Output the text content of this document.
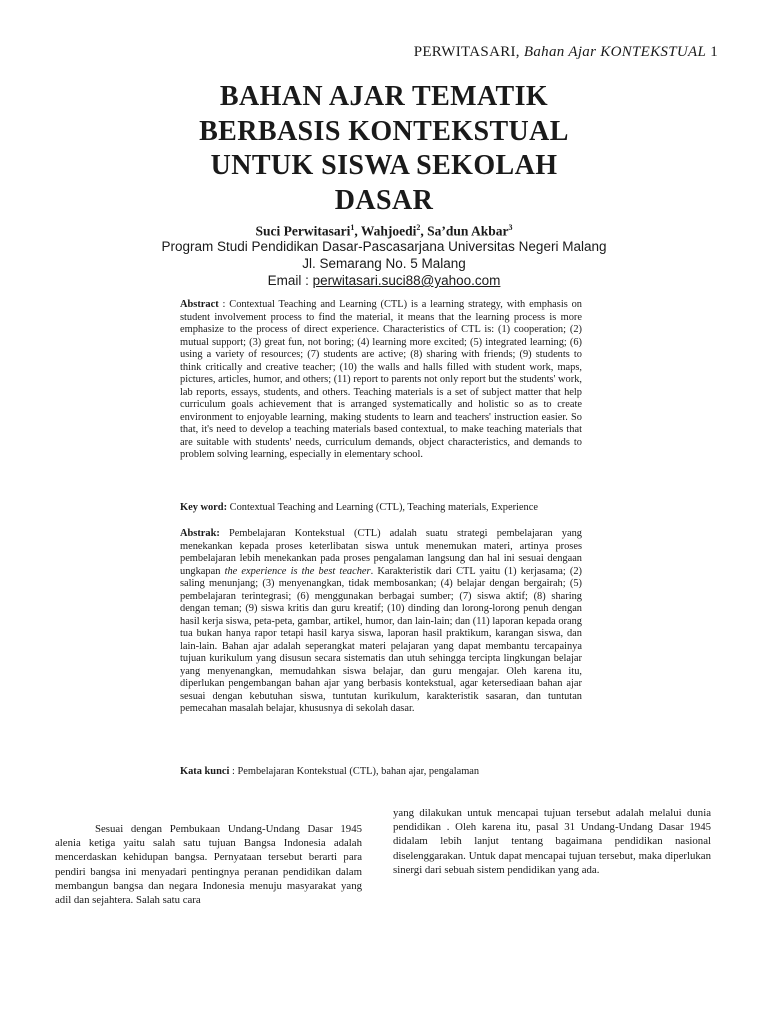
PERWITASARI, Bahan Ajar KONTEKSTUAL 1
BAHAN AJAR TEMATIK
BERBASIS KONTEKSTUAL
UNTUK SISWA SEKOLAH
DASAR
Suci Perwitasari$^1$, Wahjoedi$^2$, Sa’dun Akbar$^3$
Program Studi Pendidikan Dasar-Pascasarjana Universitas Negeri Malang
Jl. Semarang No. 5 Malang
Email : perwitasari.suci88@yahoo.com
Abstract : Contextual Teaching and Learning (CTL) is a learning strategy, with emphasis on student involvement process to find the material, it means that the learning process is more emphasize to the process of direct experience. Characteristics of CTL is: (1) cooperation; (2) mutual support; (3) great fun, not boring; (4) learning more excited; (5) integrated learning; (6) using a variety of resources; (7) students are active; (8) sharing with friends; (9) students to think critically and creative teacher; (10) the walls and halls filled with student work, maps, pictures, articles, humor, and others; (11) report to parents not only report but the students' work, lab reports, essays, students, and others. Teaching materials is a set of subject matter that help curriculum goals achievement that is arranged systematically and holistic so as to create environment to enjoyable learning, making students to learn and teachers' instruction easier. So that, it's need to develop a teaching materials based contextual, to make teaching materials that are suitable with students' needs, curriculum demands, object characteristics, and demands to problem solving learning, especially in elementary school.
Key word: Contextual Teaching and Learning (CTL), Teaching materials, Experience
Abstrak: Pembelajaran Kontekstual (CTL) adalah suatu strategi pembelajaran yang menekankan kepada proses keterlibatan siswa untuk menemukan materi, artinya proses pembelajaran lebih menekankan pada proses pengalaman langsung dan hal ini sesuai dengaan ungkapan the experience is the best teacher. Karakteristik dari CTL yaitu (1) kerjasama; (2) saling menunjang; (3) menyenangkan, tidak membosankan; (4) belajar dengan bergairah; (5) pembelajaran terintegrasi; (6) menggunakan berbagai sumber; (7) siswa aktif; (8) sharing dengan teman; (9) siswa kritis dan guru kreatif; (10) dinding dan lorong-lorong penuh dengan hasil kerja siswa, peta-peta, gambar, artikel, humor, dan lain-lain; dan (11) laporan kepada orang tua bukan hanya rapor tetapi hasil karya siswa, laporan hasil praktikum, karangan siswa, dan lain-lain. Bahan ajar adalah seperangkat materi pelajaran yang dapat membantu tercapainya tujuan kurikulum yang disusun secara sistematis dan utuh sehingga tercipta lingkungan belajar yang menyenangkan, memudahkan siswa belajar, dan guru mengajar. Oleh karena itu, diperlukan pengembangan bahan ajar yang berbasis kontekstual, agar ketersediaan bahan ajar sesuai dengan kebutuhan siswa, tuntutan kurikulum, karakteristik sasaran, dan tuntutan pemecahan masalah belajar, khususnya di sekolah dasar.
Kata kunci : Pembelajaran Kontekstual (CTL), bahan ajar, pengalaman
Sesuai dengan Pembukaan Undang-Undang Dasar 1945 alenia ketiga yaitu salah satu tujuan Bangsa Indonesia adalah mencerdaskan kehidupan bangsa. Pernyataan tersebut berarti para pendiri bangsa ini menyadari pentingnya peranan pendidikan dalam membangun bangsa dan negara Indonesia menuju masyarakat yang adil dan sejahtera. Salah satu cara
yang dilakukan untuk mencapai tujuan tersebut adalah melalui dunia pendidikan . Oleh karena itu, pasal 31 Undang-Undang Dasar 1945 didalam lebih lanjut tentang bagaimana pendidikan nasional diselenggarakan. Untuk dapat mencapai tujuan tersebut, maka diperlukan sinergi dari sebuah sistem pendidikan yang ada.
